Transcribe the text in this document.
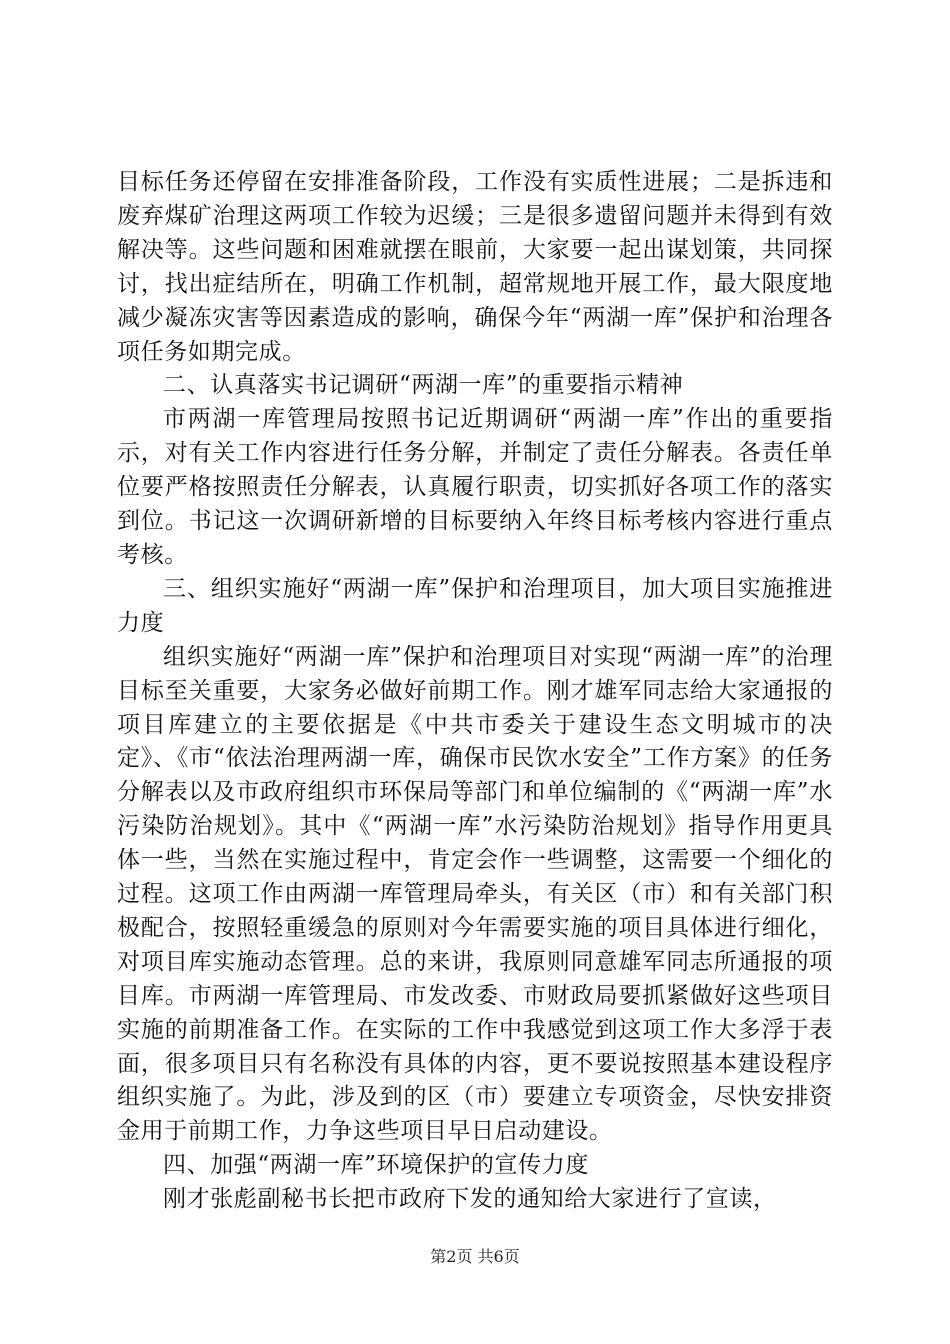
目标任务还停留在安排准备阶段，工作没有实质性进展；二是拆违和废弃煤矿治理这两项工作较为迟缓；三是很多遗留问题并未得到有效解决等。这些问题和困难就摆在眼前，大家要一起出谋划策，共同探讨，找出症结所在，明确工作机制，超常规地开展工作，最大限度地减少凝冻灾害等因素造成的影响，确保今年“两湖一库”保护和治理各项任务如期完成。

二、认真落实书记调研“两湖一库”的重要指示精神

市两湖一库管理局按照书记近期调研“两湖一库”作出的重要指示，对有关工作内容进行任务分解，并制定了责任分解表。各责任单位要严格按照责任分解表，认真履行职责，切实抓好各项工作的落实到位。书记这一次调研新增的目标要纳入年终目标考核内容进行重点考核。

三、组织实施好“两湖一库”保护和治理项目，加大项目实施推进力度

组织实施好“两湖一库”保护和治理项目对实现“两湖一库”的治理目标至关重要，大家务必做好前期工作。刚才雄军同志给大家通报的项目库建立的主要依据是《中共市委关于建设生态文明城市的决定》、《市“依法治理两湖一库，确保市民饮水安全”工作方案》的任务分解表以及市政府组织市环保局等部门和单位编制的《“两湖一库”水污染防治规划》。其中《“两湖一库”水污染防治规划》指导作用更具体一些，当然在实施过程中，肯定会作一些调整，这需要一个细化的过程。这项工作由两湖一库管理局牵头，有关区（市）和有关部门积极配合，按照轻重缓急的原则对今年需要实施的项目具体进行细化，对项目库实施动态管理。总的来讲，我原则同意雄军同志所通报的项目库。市两湖一库管理局、市发改委、市财政局要抓紧做好这些项目实施的前期准备工作。在实际的工作中我感觉到这项工作大多浮于表面，很多项目只有名称没有具体的内容，更不要说按照基本建设程序组织实施了。为此，涉及到的区（市）要建立专项资金，尽快安排资金用于前期工作，力争这些项目早日启动建设。

四、加强“两湖一库”环境保护的宣传力度

刚才张彪副秘书长把市政府下发的通知给大家进行了宣读，

第2页 共6页
